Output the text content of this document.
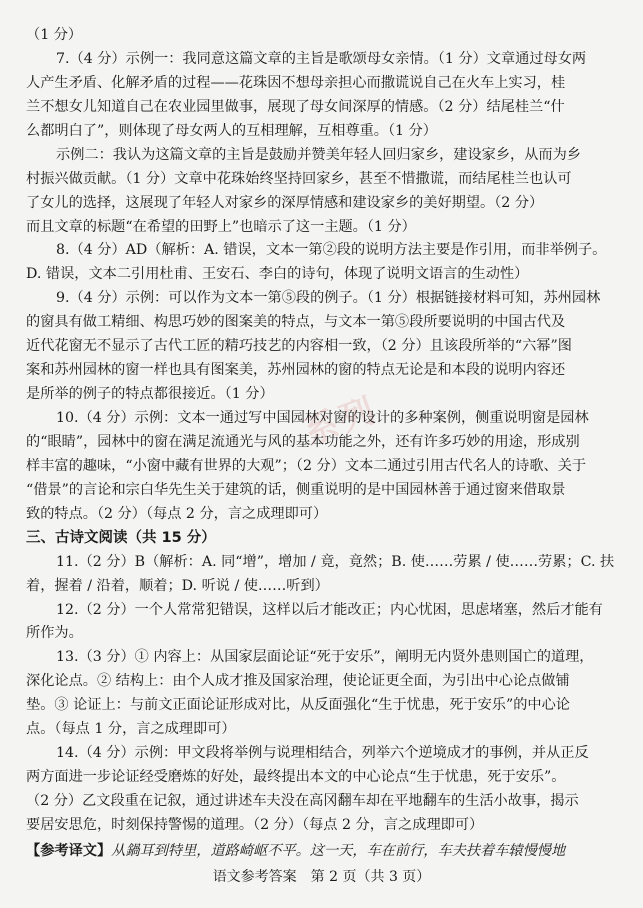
系列
（1 分）
7.（4 分）示例一：我同意这篇文章的主旨是歌颂母女亲情。（1 分）文章通过母女两
人产生矛盾、化解矛盾的过程——花珠因不想母亲担心而撒谎说自己在火车上实习，桂
兰不想女儿知道自己在农业园里做事，展现了母女间深厚的情感。（2 分）结尾桂兰“什
么都明白了”，则体现了母女两人的互相理解，互相尊重。（1 分）
示例二：我认为这篇文章的主旨是鼓励并赞美年轻人回归家乡，建设家乡，从而为乡
村振兴做贡献。（1 分）文章中花珠始终坚持回家乡，甚至不惜撒谎，而结尾桂兰也认可
了女儿的选择，这展现了年轻人对家乡的深厚情感和建设家乡的美好期望。（2 分）
而且文章的标题“在希望的田野上”也暗示了这一主题。（1 分）
8.（4 分）AD（解析：A. 错误，文本一第②段的说明方法主要是作引用，而非举例子。
D. 错误，文本二引用杜甫、王安石、李白的诗句，体现了说明文语言的生动性）
9.（4 分）示例：可以作为文本一第⑤段的例子。（1 分）根据链接材料可知，苏州园林
的窗具有做工精细、构思巧妙的图案美的特点，与文本一第⑤段所要说明的中国古代及
近代花窗无不显示了古代工匠的精巧技艺的内容相一致，（2 分）且该段所举的“六幂”图
案和苏州园林的窗一样也具有图案美，苏州园林的窗的特点无论是和本段的说明内容还
是所举的例子的特点都很接近。（1 分）
10.（4 分）示例：文本一通过写中国园林对窗的设计的多种案例，侧重说明窗是园林
的“眼睛”，园林中的窗在满足流通光与风的基本功能之外，还有许多巧妙的用途，形成别
样丰富的趣味，“小窗中藏有世界的大观”；（2 分）文本二通过引用古代名人的诗歌、关于
“借景”的言论和宗白华先生关于建筑的话，侧重说明的是中国园林善于通过窗来借取景
致的特点。（2 分）（每点 2 分，言之成理即可）
三、古诗文阅读（共 15 分）
11.（2 分）B（解析：A. 同“增”，增加 / 竟，竟然；B. 使……劳累 / 使……劳累；C. 扶
着，握着 / 沿着，顺着；D. 听说 / 使……听到）
12.（2 分）一个人常常犯错误，这样以后才能改正；内心忧困，思虑堵塞，然后才能有
所作为。
13.（3 分）① 内容上：从国家层面论证“死于安乐”，阐明无内贤外患则国亡的道理，
深化论点。② 结构上：由个人成才推及国家治理，使论证更全面，为引出中心论点做铺
垫。③ 论证上：与前文正面论证形成对比，从反面强化“生于忧患，死于安乐”的中心论
点。（每点 1 分，言之成理即可）
14.（4 分）示例：甲文段将举例与说理相结合，列举六个逆境成才的事例，并从正反
两方面进一步论证经受磨炼的好处，最终提出本文的中心论点“生于忧患，死于安乐”。
（2 分）乙文段重在记叙，通过讲述车夫没在高冈翻车却在平地翻车的生活小故事，揭示
要居安思危，时刻保持警惕的道理。（2 分）（每点 2 分，言之成理即可）
【参考译文】从鍋耳到特里，道路崎岖不平。这一天，车在前行，车夫扶着车辕慢慢地
语文参考答案　第 2 页（共 3 页）
